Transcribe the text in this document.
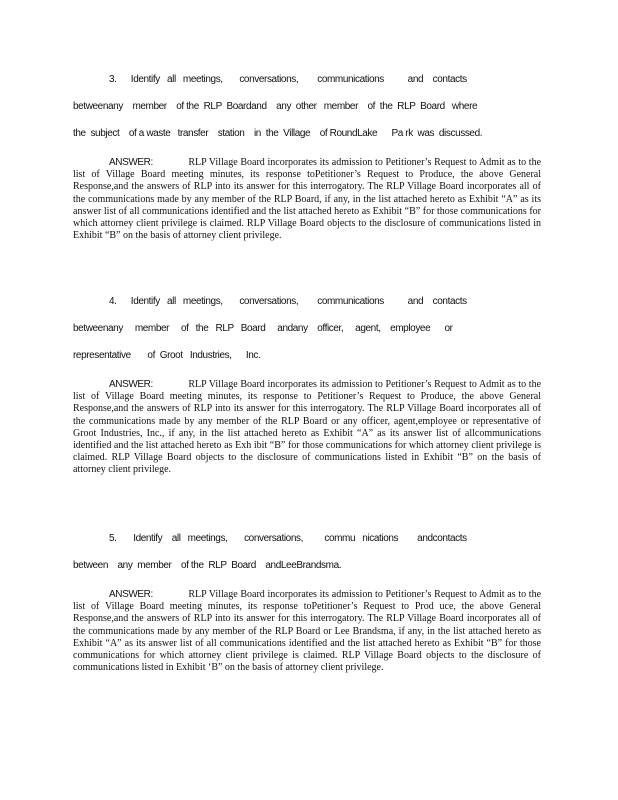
3.      Identify   all   meetings,       conversations,        communications          and    contacts
betweenany    member    of the  RLP  Boardand    any  other   member    of  the  RLP  Board   where
the  subject    of a waste   transfer    station    in  the  Village    of RoundLake      Pa rk  was  discussed.

ANSWER:	RLP Village Board incorporates its admission to Petitioner’s Request to Admit as to the list of Village Board meeting minutes, its response toPetitioner’s Request to Produce, the above General Response,and the answers of RLP into its answer for this interrogatory. The RLP Village Board incorporates all of the communications made by any member of the RLP Board, if any, in the list attached hereto as Exhibit “A” as its answer list of all communications identified and the list attached hereto as Exhibit “B” for those communications for which attorney client privilege is claimed. RLP Village Board objects to the disclosure of communications listed in Exhibit “B” on the basis of attorney client privilege.

4.      Identify   all   meetings,       conversations,        communications          and    contacts
betweenany     member     of   the   RLP   Board     andany    officer,     agent,    employee      or
representative       of  Groot   Industries,      Inc.

ANSWER:	RLP Village Board incorporates its admission to Petitioner’s Request to Admit as to the list of Village Board meeting minutes, its response to Petitioner’s Request to Produce, the above General Response,and the answers of RLP into its answer for this interrogatory. The RLP Village Board incorporates all of the communications made by any member of the RLP Board or any officer, agent,employee or representative of Groot Industries, Inc., if any, in the list attached hereto as Exhibit “A” as its answer list of allcommunications identified and the list attached hereto as Exh ibit “B” for those communications for which attorney client privilege is claimed. RLP Village Board objects to the disclosure of communications listed in Exhibit “B” on the basis of attorney client privilege.

5.       Identify    all   meetings,       conversations,         commu   nications        andcontacts
between    any  member    of the  RLP  Board    andLeeBrandsma.

ANSWER:	RLP Village Board incorporates its admission to Petitioner’s Request to Admit as to the list of Village Board meeting minutes, its response toPetitioner’s Request to Prod uce, the above General Response,and the answers of RLP into its answer for this interrogatory. The RLP Village Board incorporates all of the communications made by any member of the RLP Board or Lee Brandsma, if any, in the list attached hereto as Exhibit “A” as its answer list of all communications identified and the list attached hereto as Exhibit “B” for those communications for which attorney client privilege is claimed. RLP Village Board objects to the disclosure of communications listed in Exhibit ‘B” on the basis of attorney client privilege.
